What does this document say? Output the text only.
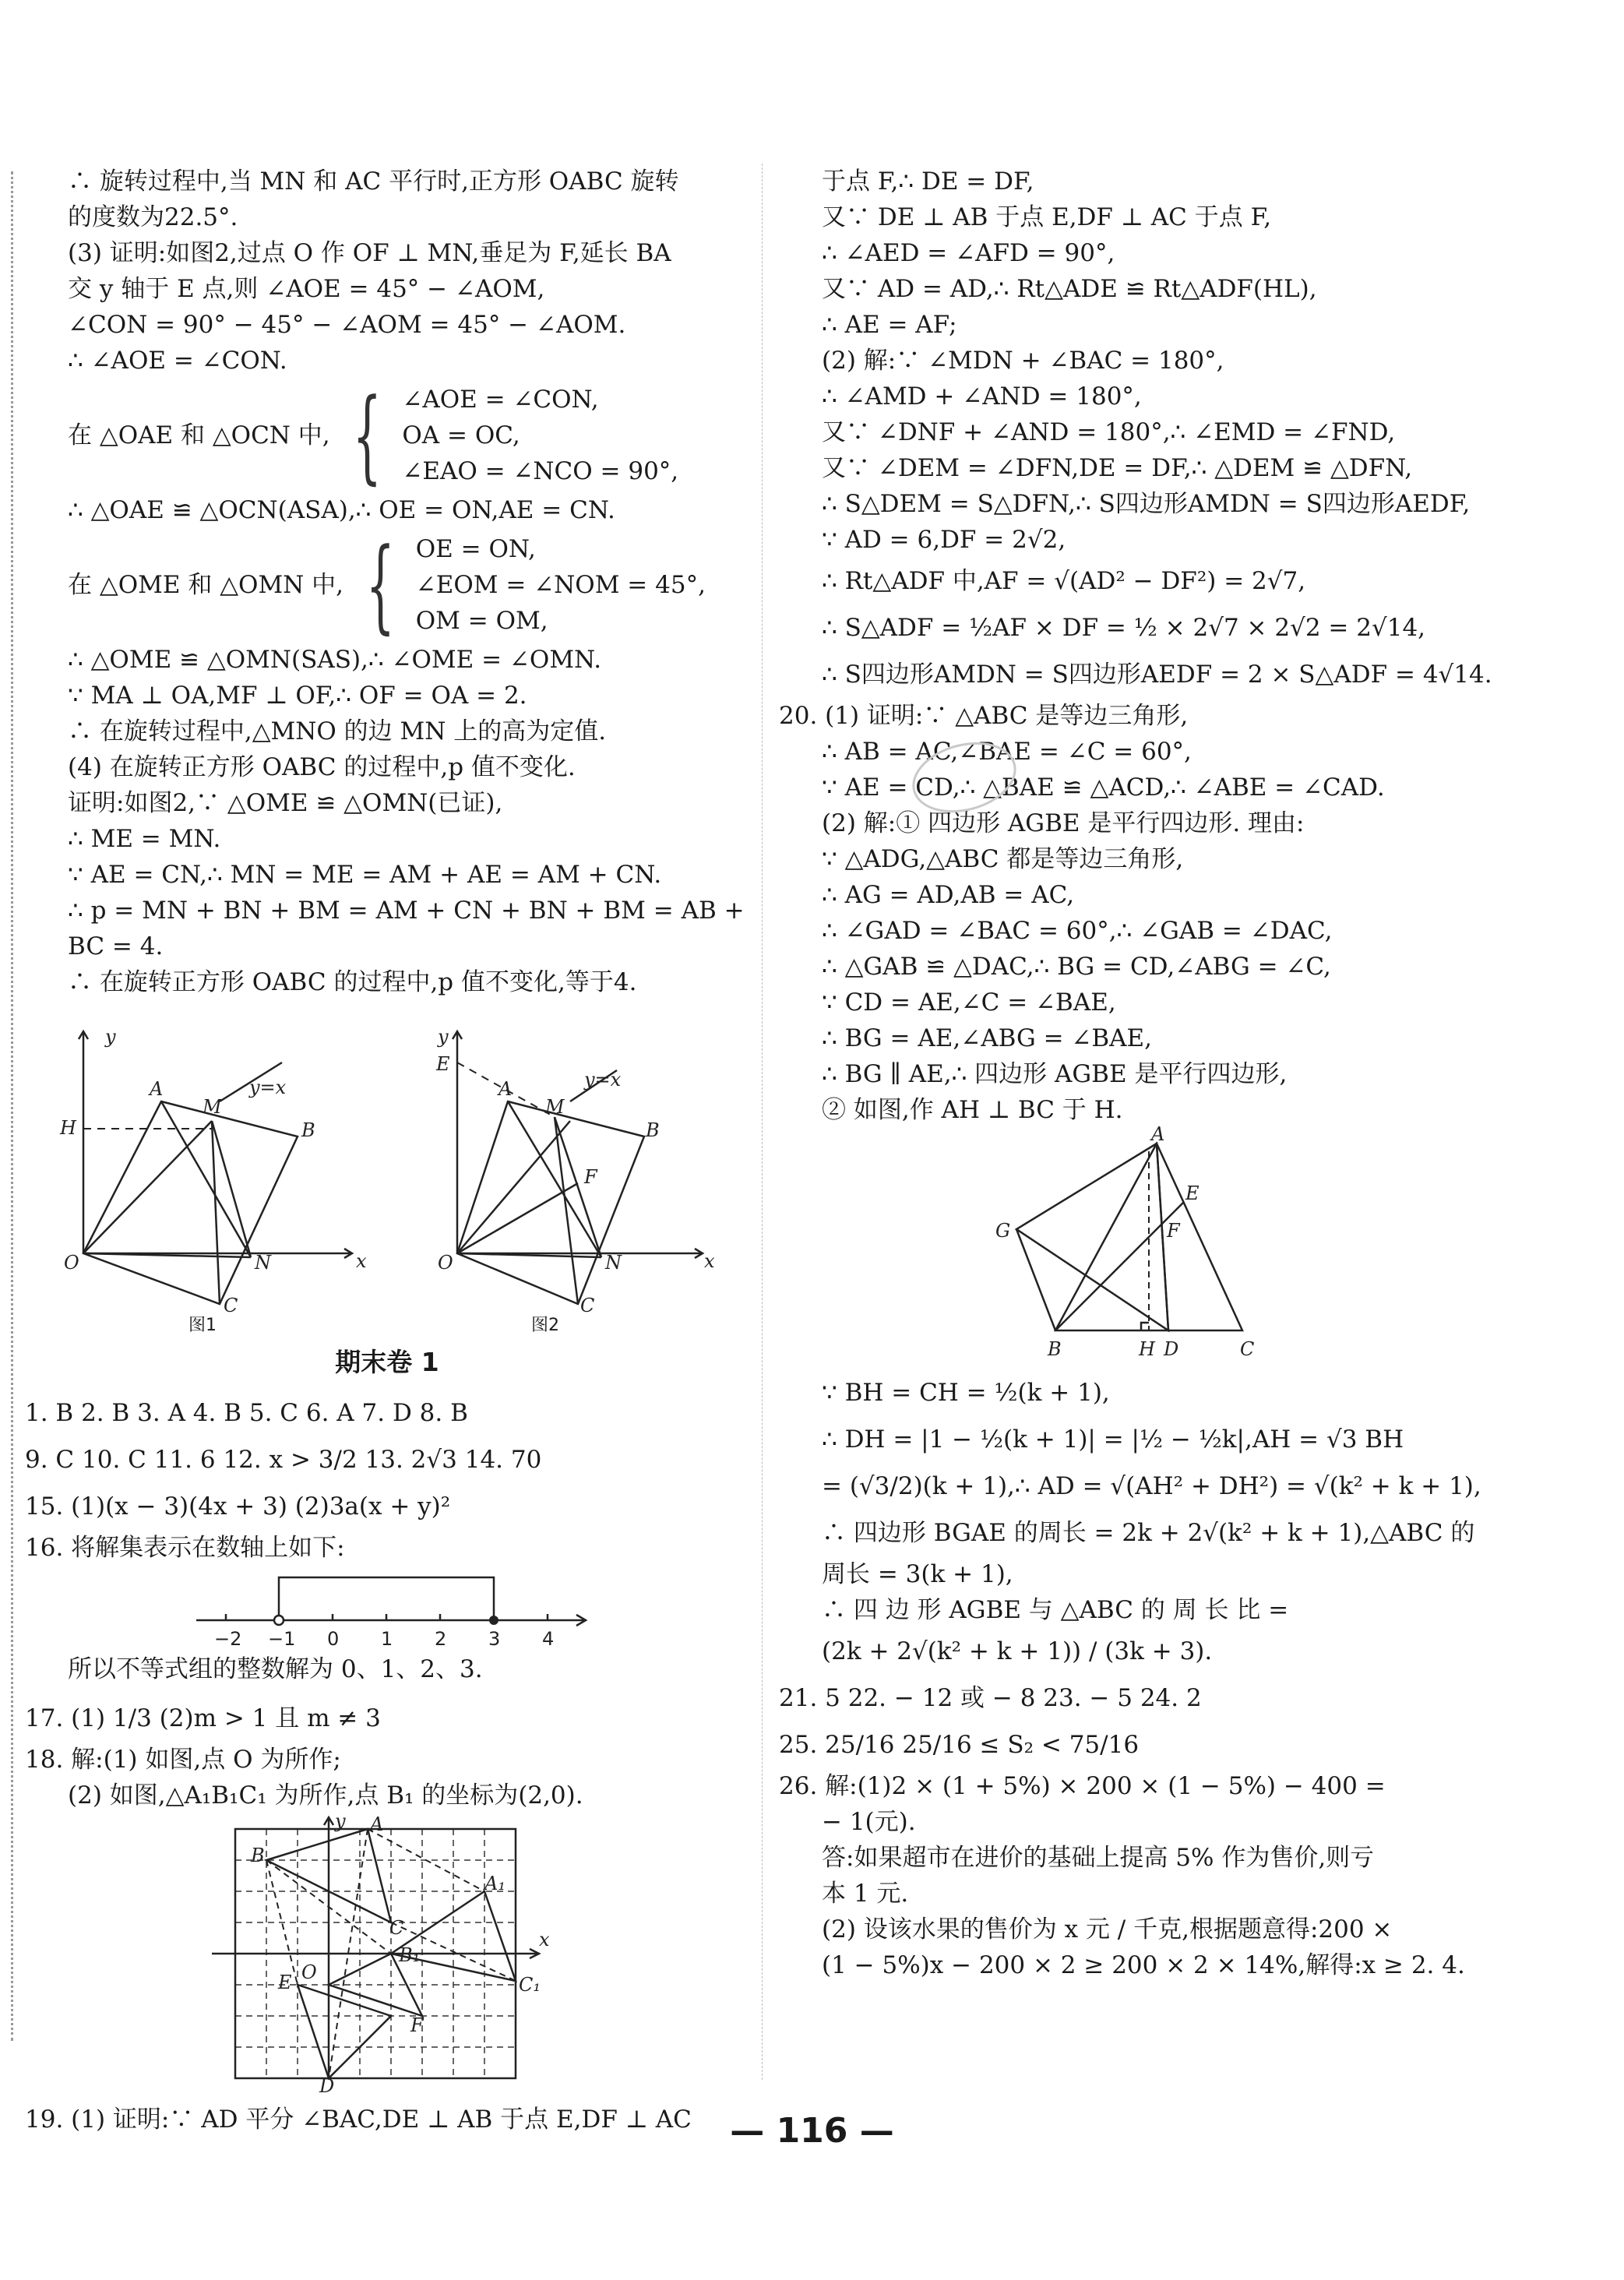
∴ 旋转过程中,当 MN 和 AC 平行时,正方形 OABC 旋转
的度数为22.5°.
(3) 证明:如图2,过点 O 作 OF ⊥ MN,垂足为 F,延长 BA
交 y 轴于 E 点,则 ∠AOE = 45° − ∠AOM,
∠CON = 90° − 45° − ∠AOM = 45° − ∠AOM.
∴ ∠AOE = ∠CON.
在 △OAE 和 △OCN 中, { ∠AOE = ∠CON,
OA = OC,
∠EAO = ∠NCO = 90°,
∴ △OAE ≌ △OCN(ASA),∴ OE = ON,AE = CN.
在 △OME 和 △OMN 中, { OE = ON,
∠EOM = ∠NOM = 45°,
OM = OM,
∴ △OME ≌ △OMN(SAS),∴ ∠OME = ∠OMN.
∵ MA ⊥ OA,MF ⊥ OF,∴ OF = OA = 2.
∴ 在旋转过程中,△MNO 的边 MN 上的高为定值.
(4) 在旋转正方形 OABC 的过程中,p 值不变化.
证明:如图2,∵ △OME ≌ △OMN(已证),
∴ ME = MN.
∵ AE = CN,∴ MN = ME = AM + AE = AM + CN.
∴ p = MN + BN + BM = AM + CN + BN + BM = AB +
BC = 4.
∴ 在旋转正方形 OABC 的过程中,p 值不变化,等于4.
y
O	x
H
A
M
y=x
B
N
C
y
O	x
E
A
M
y=x
B
F
N
C
图1	图2
期末卷 1
1. B 2. B 3. A 4. B 5. C 6. A 7. D 8. B
9. C 10. C 11. 6 12. x > 3/2 13. 2√3 14. 70
15. (1)(x − 3)(4x + 3) (2)3a(x + y)²
16. 将解集表示在数轴上如下:
−2 −1 0 1 2 3 4
所以不等式组的整数解为 0、1、2、3.
17. (1) 1/3 (2)m > 1 且 m ≠ 3
18. 解:(1) 如图,点 O 为所作;
(2) 如图,△A₁B₁C₁ 为所作,点 B₁ 的坐标为(2,0).
y A
B
C
A₁
B₁
C₁
O
E
F
D
x
19. (1) 证明:∵ AD 平分 ∠BAC,DE ⊥ AB 于点 E,DF ⊥ AC
于点 F,∴ DE = DF,
又∵ DE ⊥ AB 于点 E,DF ⊥ AC 于点 F,
∴ ∠AED = ∠AFD = 90°,
又∵ AD = AD,∴ Rt△ADE ≌ Rt△ADF(HL),
∴ AE = AF;
(2) 解:∵ ∠MDN + ∠BAC = 180°,
∴ ∠AMD + ∠AND = 180°,
又∵ ∠DNF + ∠AND = 180°,∴ ∠EMD = ∠FND,
又∵ ∠DEM = ∠DFN,DE = DF,∴ △DEM ≌ △DFN,
∴ S△DEM = S△DFN,∴ S四边形AMDN = S四边形AEDF,
∵ AD = 6,DF = 2√2,
∴ Rt△ADF 中,AF = √(AD² − DF²) = 2√7,
∴ S△ADF = ½AF × DF = ½ × 2√7 × 2√2 = 2√14,
∴ S四边形AMDN = S四边形AEDF = 2 × S△ADF = 4√14.
20. (1) 证明:∵ △ABC 是等边三角形,
∴ AB = AC,∠BAE = ∠C = 60°,
∵ AE = CD,∴ △BAE ≌ △ACD,∴ ∠ABE = ∠CAD.
(2) 解:① 四边形 AGBE 是平行四边形. 理由:
∵ △ADG,△ABC 都是等边三角形,
∴ AG = AD,AB = AC,
∴ ∠GAD = ∠BAC = 60°,∴ ∠GAB = ∠DAC,
∴ △GAB ≌ △DAC,∴ BG = CD,∠ABG = ∠C,
∵ CD = AE,∠C = ∠BAE,
∴ BG = AE,∠ABG = ∠BAE,
∴ BG ∥ AE,∴ 四边形 AGBE 是平行四边形,
② 如图,作 AH ⊥ BC 于 H.
A
E
F
G
B	H D	C
∵ BH = CH = ½(k + 1),
∴ DH = |1 − ½(k + 1)| = |½ − ½k|,AH = √3 BH
= (√3/2)(k + 1),∴ AD = √(AH² + DH²) = √(k² + k + 1),
∴ 四边形 BGAE 的周长 = 2k + 2√(k² + k + 1),△ABC 的
周长 = 3(k + 1),
∴ 四 边 形 AGBE 与 △ABC 的 周 长 比 =
(2k + 2√(k² + k + 1)) / (3k + 3).
21. 5 22. − 12 或 − 8 23. − 5 24. 2
25. 25/16 25/16 ≤ S₂ < 75/16
26. 解:(1)2 × (1 + 5%) × 200 × (1 − 5%) − 400 =
− 1(元).
答:如果超市在进价的基础上提高 5% 作为售价,则亏
本 1 元.
(2) 设该水果的售价为 x 元 / 千克,根据题意得:200 ×
(1 − 5%)x − 200 × 2 ≥ 200 × 2 × 14%,解得:x ≥ 2. 4.
— 116 —
